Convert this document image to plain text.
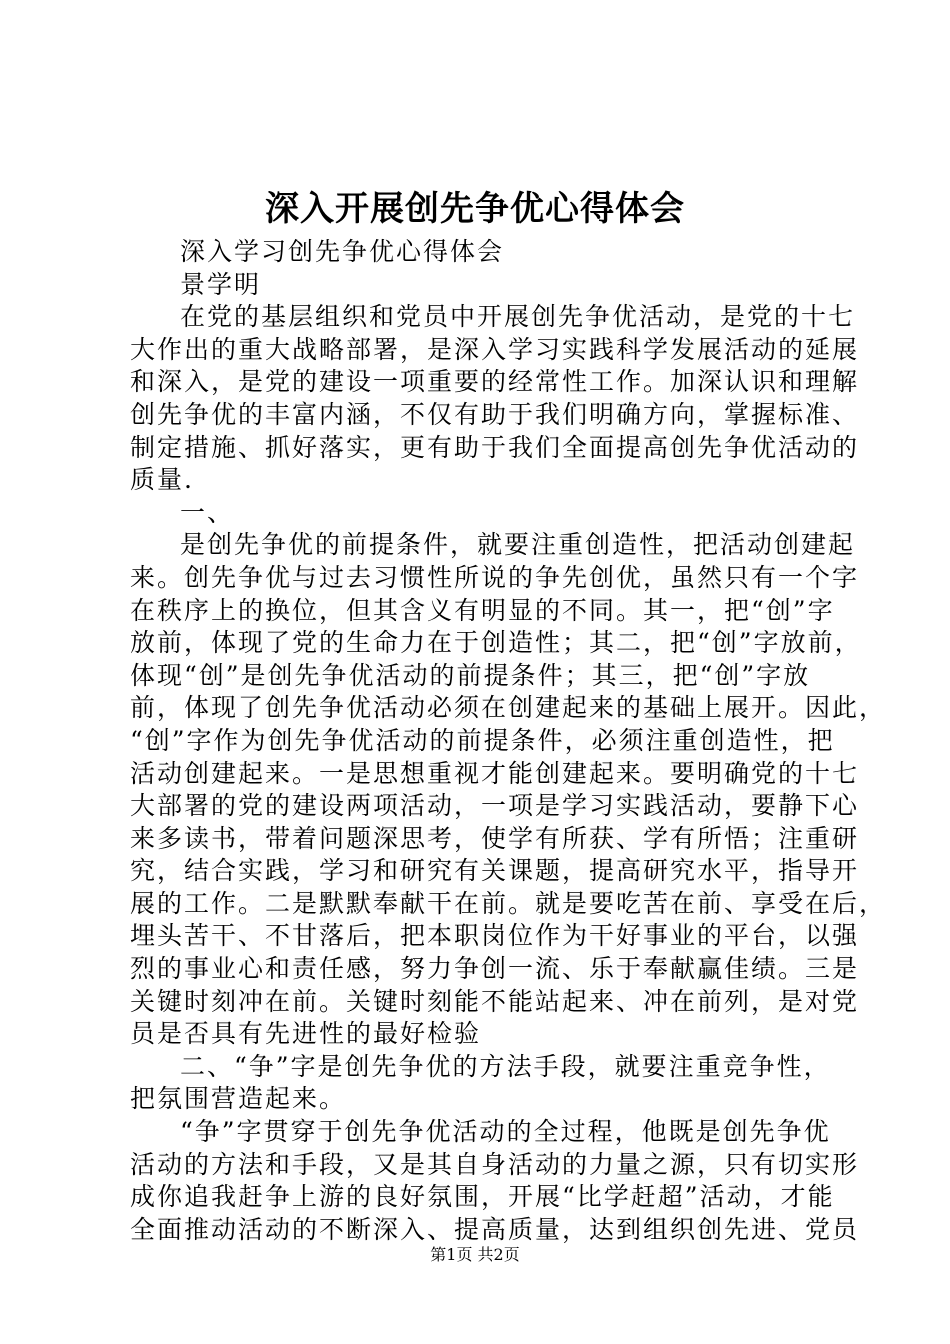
深入开展创先争优心得体会
深入学习创先争优心得体会
景学明
在党的基层组织和党员中开展创先争优活动，是党的十七
大作出的重大战略部署，是深入学习实践科学发展活动的延展
和深入，是党的建设一项重要的经常性工作。加深认识和理解
创先争优的丰富内涵，不仅有助于我们明确方向，掌握标准、
制定措施、抓好落实，更有助于我们全面提高创先争优活动的
质量.
一、
是创先争优的前提条件，就要注重创造性，把活动创建起
来。创先争优与过去习惯性所说的争先创优，虽然只有一个字
在秩序上的换位，但其含义有明显的不同。其一，把“创”字
放前，体现了党的生命力在于创造性；其二，把“创”字放前，
体现“创”是创先争优活动的前提条件；其三，把“创”字放
前，体现了创先争优活动必须在创建起来的基础上展开。因此，
“创”字作为创先争优活动的前提条件，必须注重创造性，把
活动创建起来。一是思想重视才能创建起来。要明确党的十七
大部署的党的建设两项活动，一项是学习实践活动，要静下心
来多读书，带着问题深思考，使学有所获、学有所悟；注重研
究，结合实践，学习和研究有关课题，提高研究水平，指导开
展的工作。二是默默奉献干在前。就是要吃苦在前、享受在后，
埋头苦干、不甘落后，把本职岗位作为干好事业的平台，以强
烈的事业心和责任感，努力争创一流、乐于奉献赢佳绩。三是
关键时刻冲在前。关键时刻能不能站起来、冲在前列，是对党
员是否具有先进性的最好检验
二、“争”字是创先争优的方法手段，就要注重竞争性，
把氛围营造起来。
“争”字贯穿于创先争优活动的全过程，他既是创先争优
活动的方法和手段，又是其自身活动的力量之源，只有切实形
成你追我赶争上游的良好氛围，开展“比学赶超”活动，才能
全面推动活动的不断深入、提高质量，达到组织创先进、党员
第1页 共2页
